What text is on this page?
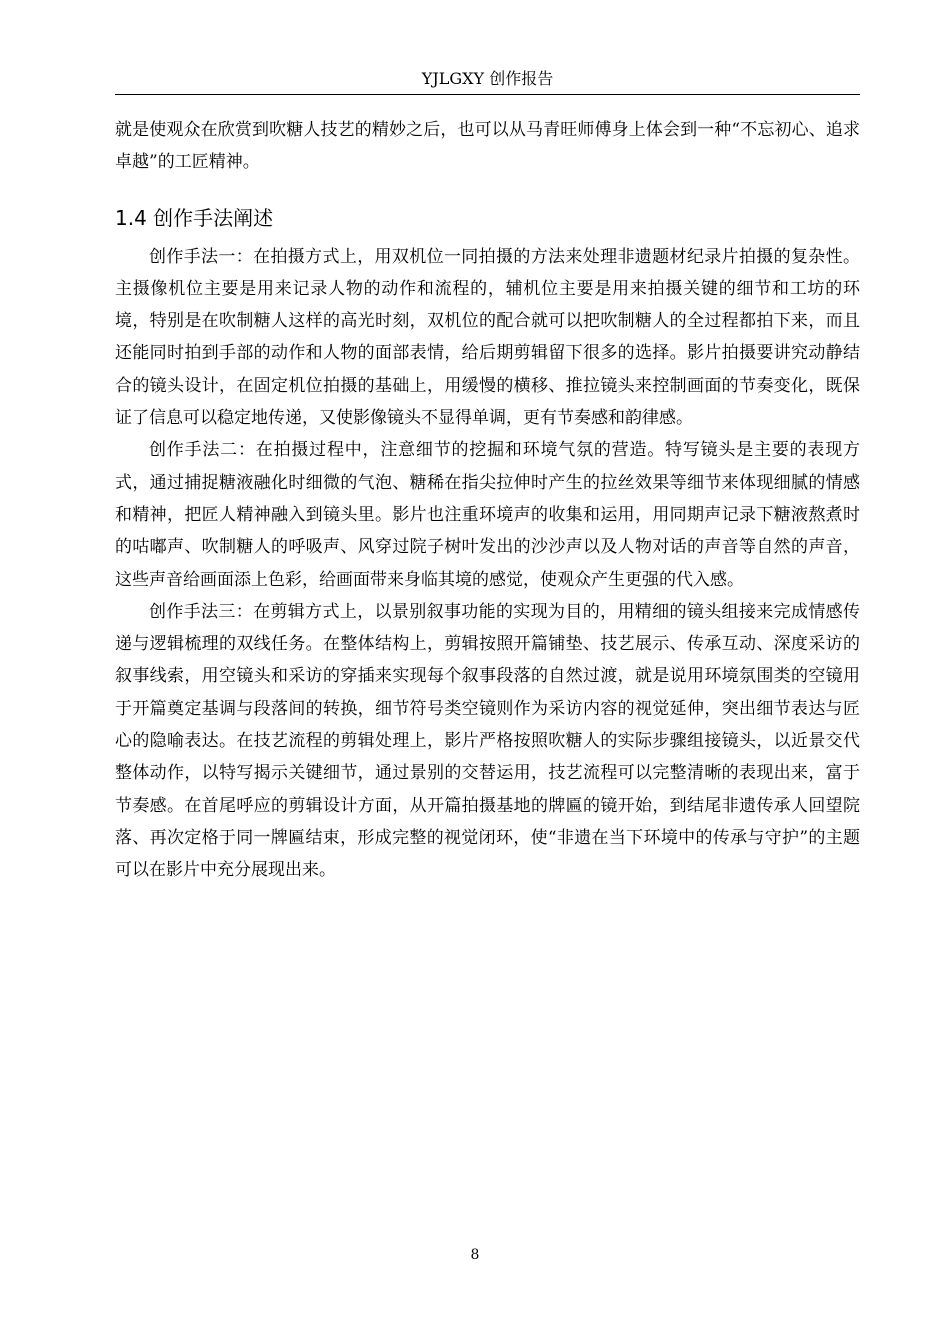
YJLGXY 创作报告

就是使观众在欣赏到吹糖人技艺的精妙之后，也可以从马青旺师傅身上体会到一种“不忘初心、追求卓越”的工匠精神。

1.4 创作手法阐述

创作手法一：在拍摄方式上，用双机位一同拍摄的方法来处理非遗题材纪录片拍摄的复杂性。主摄像机位主要是用来记录人物的动作和流程的，辅机位主要是用来拍摄关键的细节和工坊的环境，特别是在吹制糖人这样的高光时刻，双机位的配合就可以把吹制糖人的全过程都拍下来，而且还能同时拍到手部的动作和人物的面部表情，给后期剪辑留下很多的选择。影片拍摄要讲究动静结合的镜头设计，在固定机位拍摄的基础上，用缓慢的横移、推拉镜头来控制画面的节奏变化，既保证了信息可以稳定地传递，又使影像镜头不显得单调，更有节奏感和韵律感。

创作手法二：在拍摄过程中，注意细节的挖掘和环境气氛的营造。特写镜头是主要的表现方式，通过捕捉糖液融化时细微的气泡、糖稀在指尖拉伸时产生的拉丝效果等细节来体现细腻的情感和精神，把匠人精神融入到镜头里。影片也注重环境声的收集和运用，用同期声记录下糖液熬煮时的咕嘟声、吹制糖人的呼吸声、风穿过院子树叶发出的沙沙声以及人物对话的声音等自然的声音，这些声音给画面添上色彩，给画面带来身临其境的感觉，使观众产生更强的代入感。

创作手法三：在剪辑方式上，以景别叙事功能的实现为目的，用精细的镜头组接来完成情感传递与逻辑梳理的双线任务。在整体结构上，剪辑按照开篇铺垫、技艺展示、传承互动、深度采访的叙事线索，用空镜头和采访的穿插来实现每个叙事段落的自然过渡，就是说用环境氛围类的空镜用于开篇奠定基调与段落间的转换，细节符号类空镜则作为采访内容的视觉延伸，突出细节表达与匠心的隐喻表达。在技艺流程的剪辑处理上，影片严格按照吹糖人的实际步骤组接镜头，以近景交代整体动作，以特写揭示关键细节，通过景别的交替运用，技艺流程可以完整清晰的表现出来，富于节奏感。在首尾呼应的剪辑设计方面，从开篇拍摄基地的牌匾的镜开始，到结尾非遗传承人回望院落、再次定格于同一牌匾结束，形成完整的视觉闭环，使“非遗在当下环境中的传承与守护”的主题可以在影片中充分展现出来。

8
